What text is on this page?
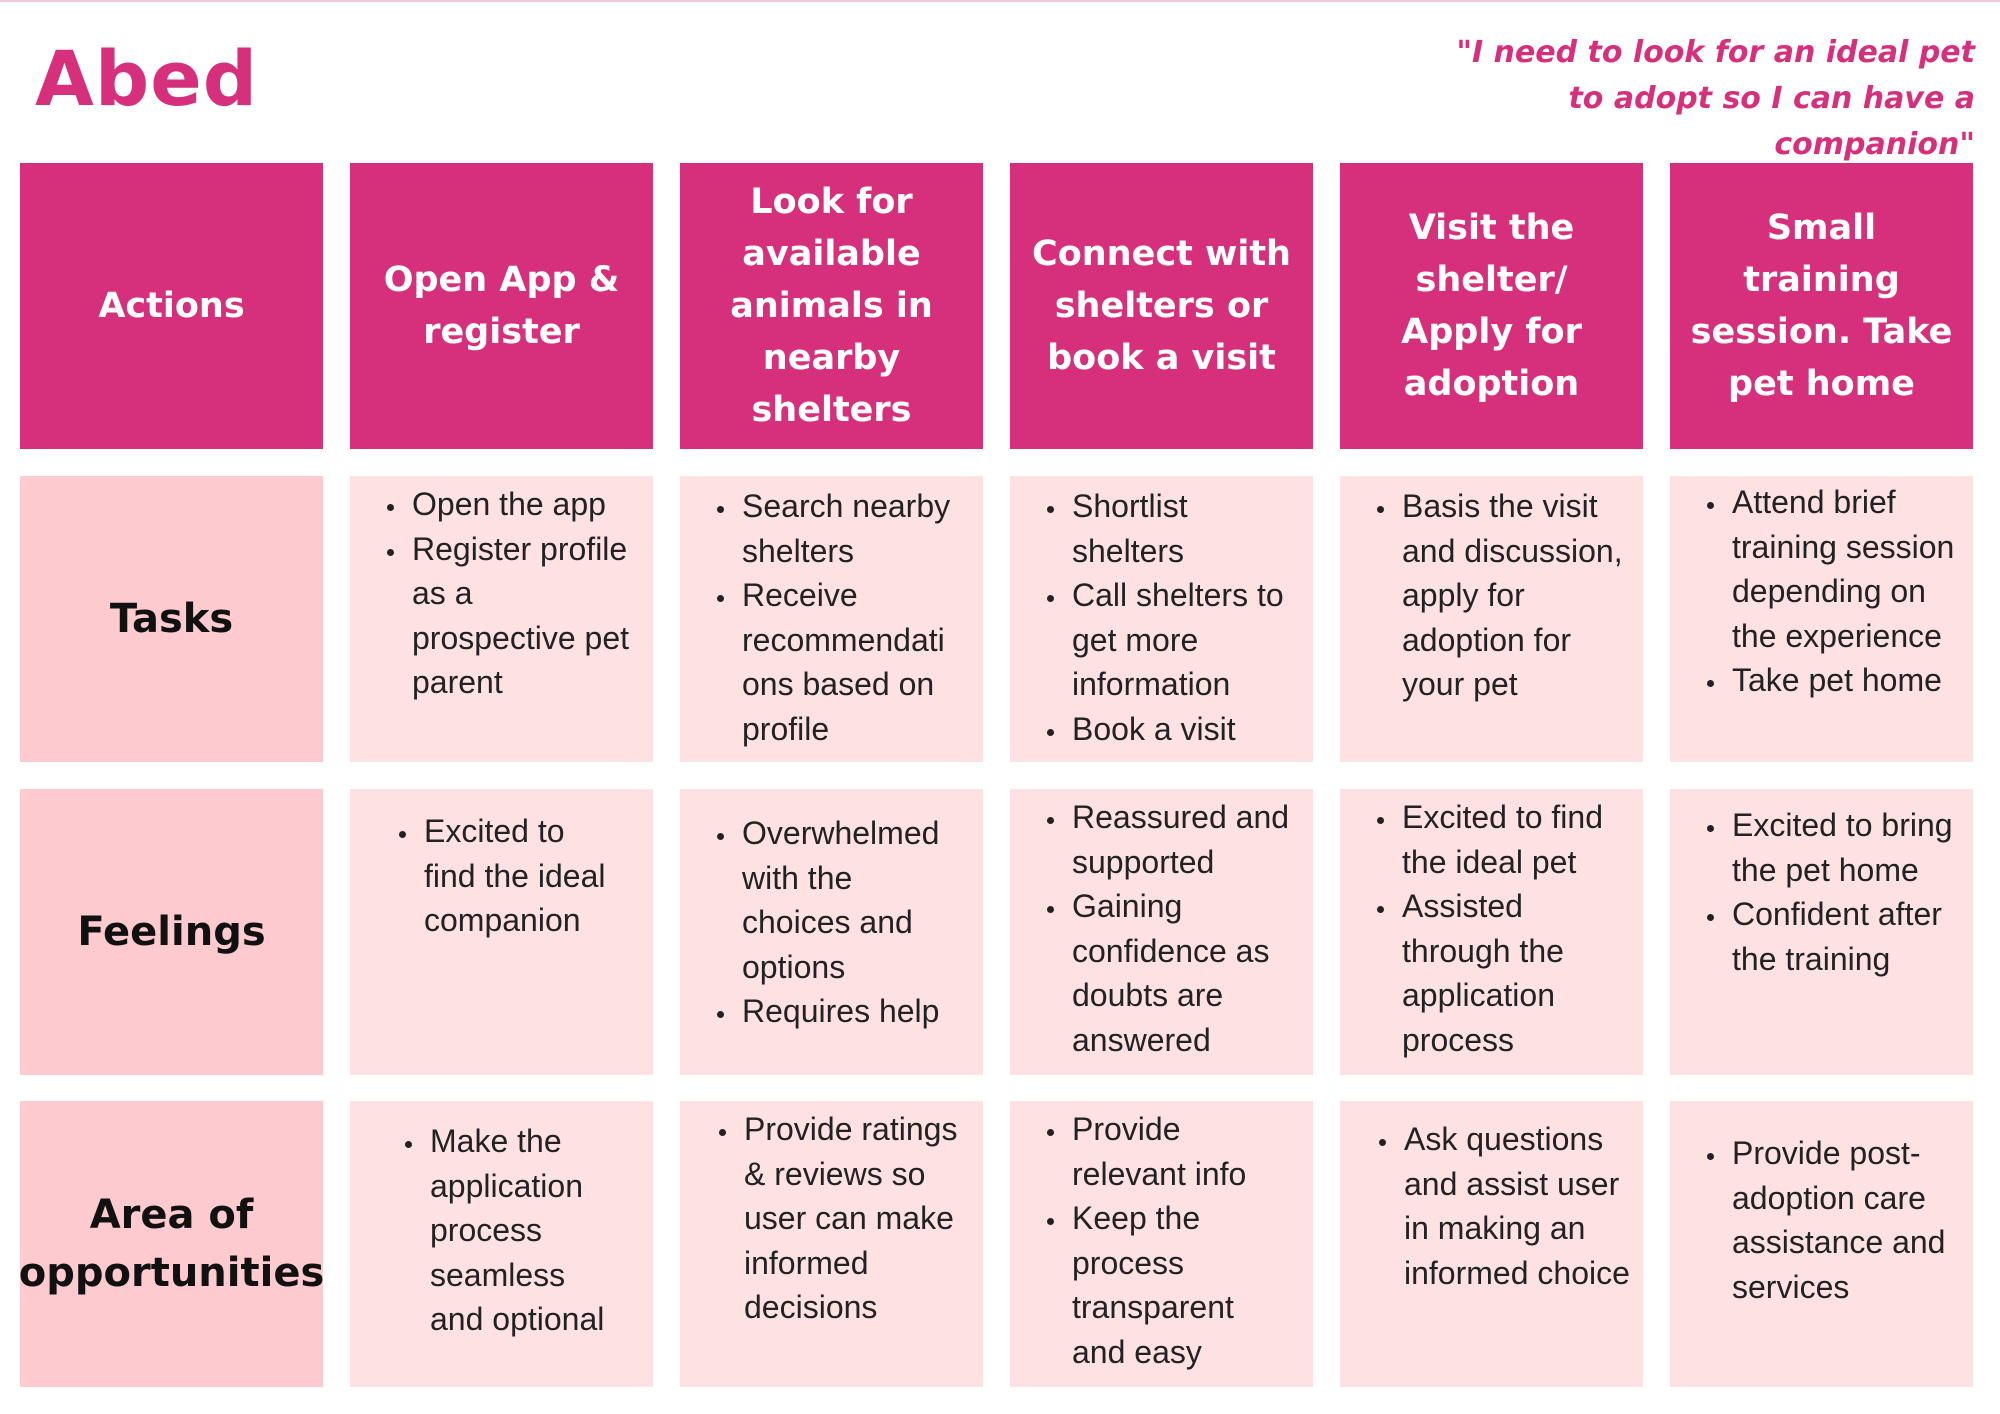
Abed	"I need to look for an ideal pet to adopt so I can have a companion"
Actions
Open App & register
Look for available animals in nearby shelters
Connect with shelters or book a visit
Visit the shelter/ Apply for adoption
Small training session. Take pet home
Tasks
• Open the app
• Register profile as a prospective pet parent
• Search nearby shelters
• Receive recommendati ons based on profile
• Shortlist shelters
• Call shelters to get more information
• Book a visit
• Basis the visit and discussion, apply for adoption for your pet
• Attend brief training session depending on the experience
• Take pet home
Feelings
• Excited to find the ideal companion
• Overwhelmed with the choices and options
• Requires help
• Reassured and supported
• Gaining confidence as doubts are answered
• Excited to find the ideal pet
• Assisted through the application process
• Excited to bring the pet home
• Confident after the training
Area of opportunities
• Make the application process seamless and optional
• Provide ratings & reviews so user can make informed decisions
• Provide relevant info
• Keep the process transparent and easy
• Ask questions and assist user in making an informed choice
• Provide post-adoption care assistance and services
